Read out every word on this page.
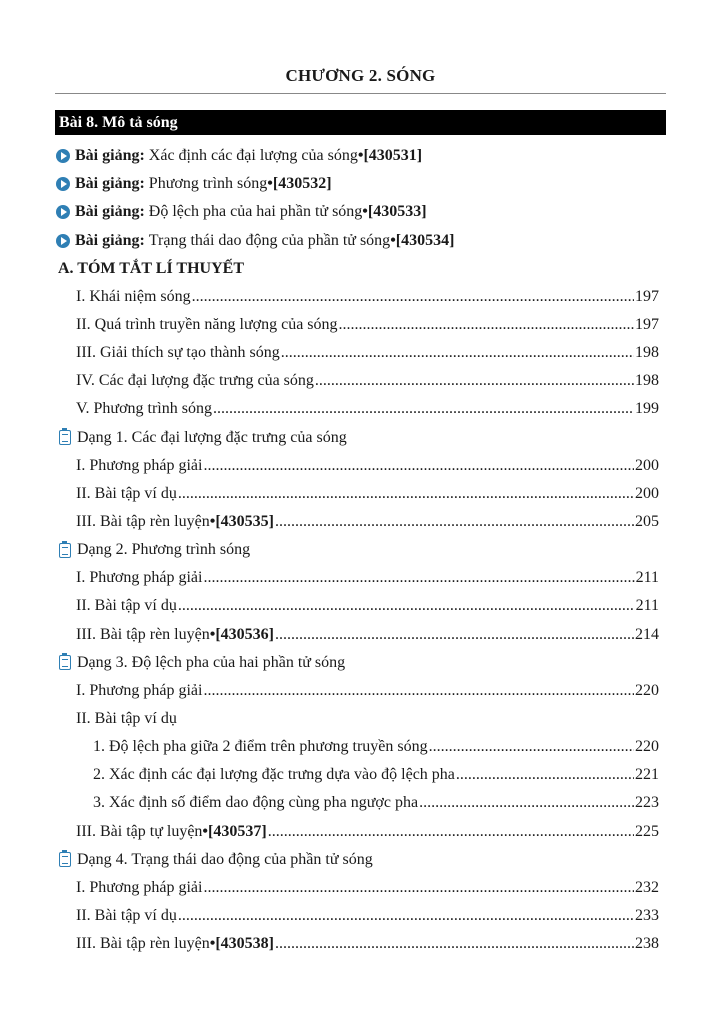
CHƯƠNG 2. SÓNG
Bài 8. Mô tả sóng
Bài giảng: Xác định các đại lượng của sóng • [430531]
Bài giảng: Phương trình sóng • [430532]
Bài giảng: Độ lệch pha của hai phần tử sóng • [430533]
Bài giảng: Trạng thái dao động của phần tử sóng • [430534]
A. TÓM TẮT LÍ THUYẾT
I. Khái niệm sóng .....	197
II. Quá trình truyền năng lượng của sóng .....	197
III. Giải thích sự tạo thành sóng .....	198
IV. Các đại lượng đặc trưng của sóng .....	198
V. Phương trình sóng .....	199
Dạng 1. Các đại lượng đặc trưng của sóng
I. Phương pháp giải .....	200
II. Bài tập ví dụ .....	200
III. Bài tập rèn luyện • [430535] .....	205
Dạng 2. Phương trình sóng
I. Phương pháp giải .....	211
II. Bài tập ví dụ .....	211
III. Bài tập rèn luyện • [430536] .....	214
Dạng 3. Độ lệch pha của hai phần tử sóng
I. Phương pháp giải .....	220
II. Bài tập ví dụ
1. Độ lệch pha giữa 2 điểm trên phương truyền sóng .....	220
2. Xác định các đại lượng đặc trưng dựa vào độ lệch pha .....	221
3. Xác định số điểm dao động cùng pha ngược pha .....	223
III. Bài tập tự luyện • [430537] .....	225
Dạng 4. Trạng thái dao động của phần tử sóng
I. Phương pháp giải .....	232
II. Bài tập ví dụ .....	233
III. Bài tập rèn luyện • [430538] .....	238
